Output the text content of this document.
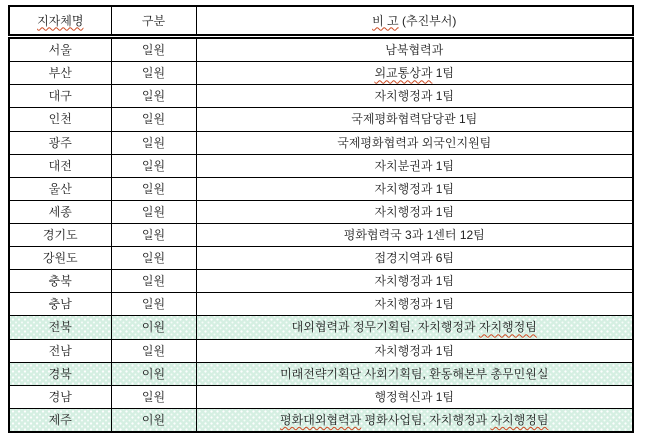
지자체명	구분	비 고 (추진부서)
서울	일원	남북협력과
부산	일원	외교통상과 1팀
대구	일원	자치행정과 1팀
인천	일원	국제평화협력담당관 1팀
광주	일원	국제평화협력과 외국인지원팀
대전	일원	자치분권과 1팀
울산	일원	자치행정과 1팀
세종	일원	자치행정과 1팀
경기도	일원	평화협력국 3과 1센터 12팀
강원도	일원	접경지역과 6팀
충북	일원	자치행정과 1팀
충남	일원	자치행정과 1팀
전북	이원	대외협력과 정무기획팀, 자치행정과 자치행정팀
전남	일원	자치행정과 1팀
경북	이원	미래전략기획단 사회기획팀, 환동해본부 총무민원실
경남	일원	행정혁신과 1팀
제주	이원	평화대외협력과 평화사업팀, 자치행정과 자치행정팀
